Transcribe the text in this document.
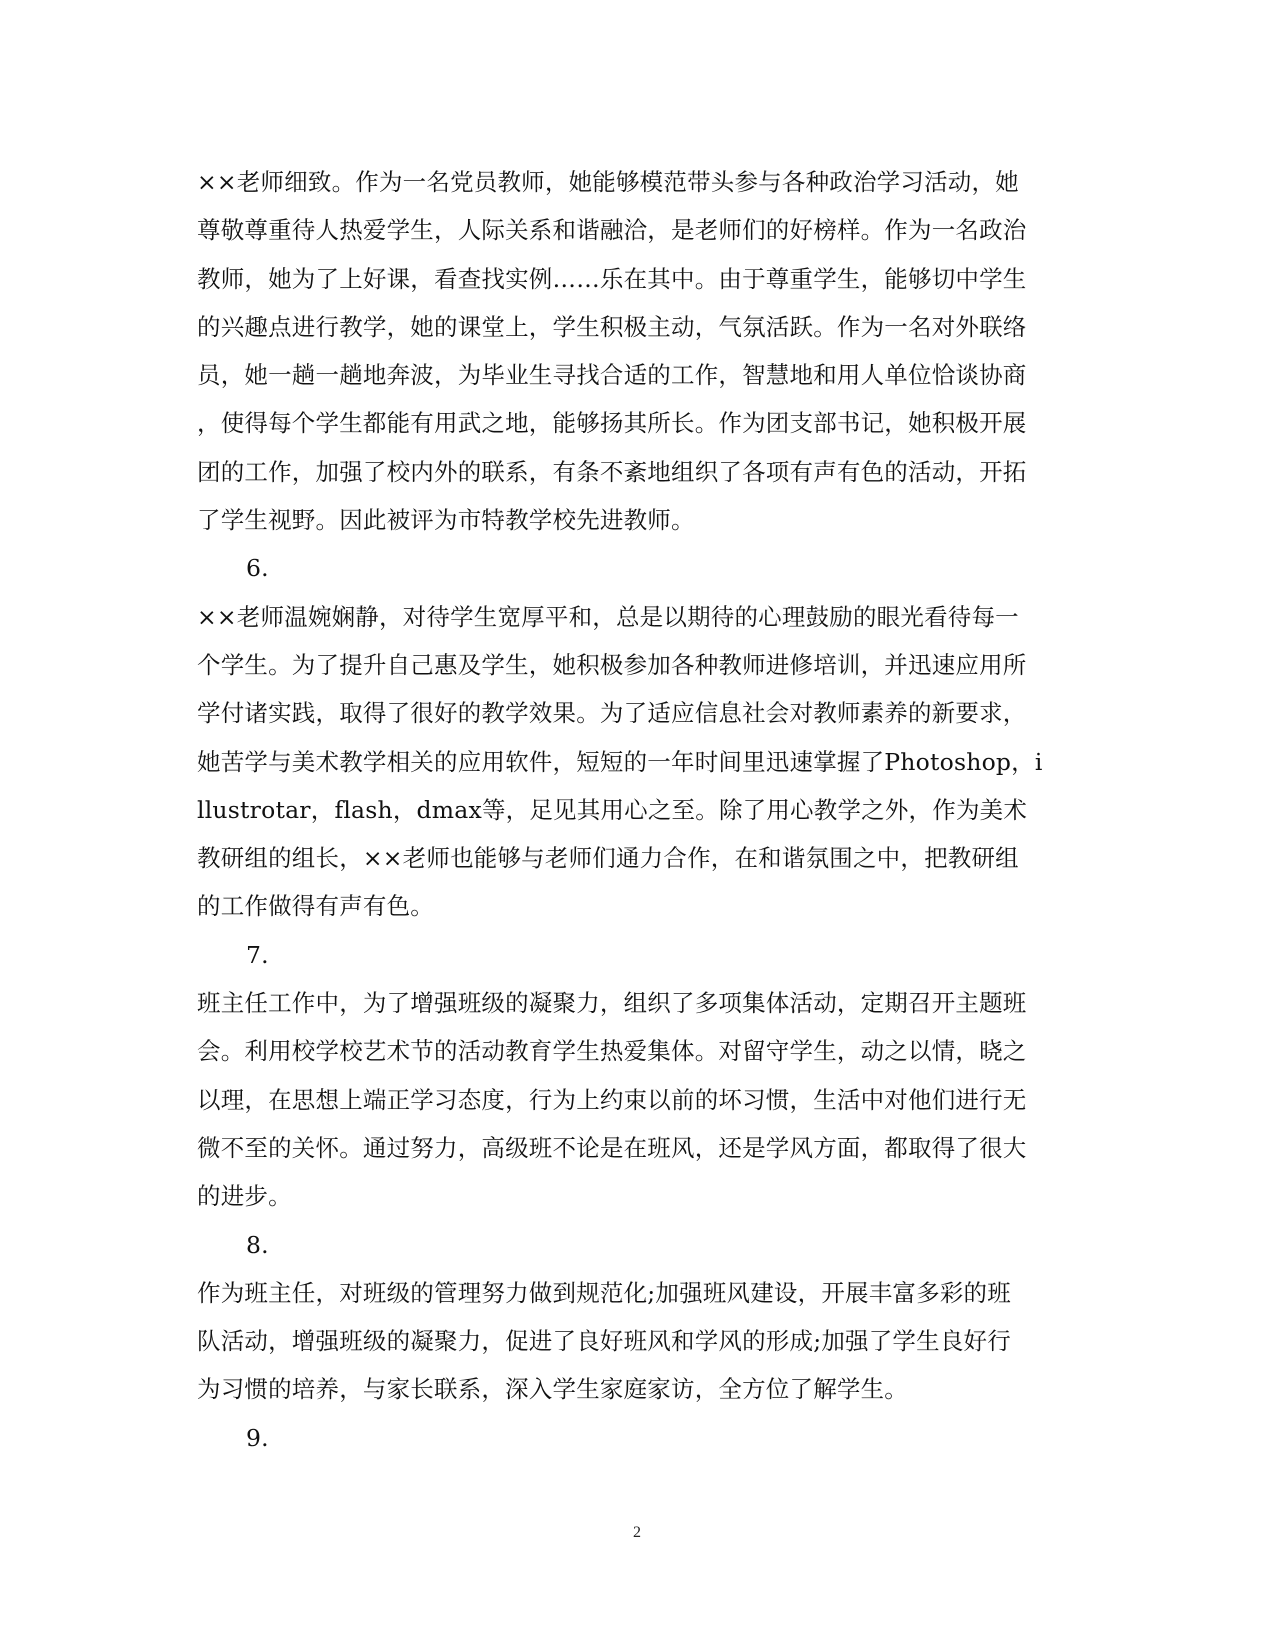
××老师细致。作为一名党员教师，她能够模范带头参与各种政治学习活动，她
尊敬尊重待人热爱学生，人际关系和谐融洽，是老师们的好榜样。作为一名政治
教师，她为了上好课，看查找实例……乐在其中。由于尊重学生，能够切中学生
的兴趣点进行教学，她的课堂上，学生积极主动，气氛活跃。作为一名对外联络
员，她一趟一趟地奔波，为毕业生寻找合适的工作，智慧地和用人单位恰谈协商
，使得每个学生都能有用武之地，能够扬其所长。作为团支部书记，她积极开展
团的工作，加强了校内外的联系，有条不紊地组织了各项有声有色的活动，开拓
了学生视野。因此被评为市特教学校先进教师。
6.
××老师温婉娴静，对待学生宽厚平和，总是以期待的心理鼓励的眼光看待每一
个学生。为了提升自己惠及学生，她积极参加各种教师进修培训，并迅速应用所
学付诸实践，取得了很好的教学效果。为了适应信息社会对教师素养的新要求，
她苦学与美术教学相关的应用软件，短短的一年时间里迅速掌握了Photoshop，i
llustrotar，flash，dmax等，足见其用心之至。除了用心教学之外，作为美术
教研组的组长，××老师也能够与老师们通力合作，在和谐氛围之中，把教研组
的工作做得有声有色。
7.
班主任工作中，为了增强班级的凝聚力，组织了多项集体活动，定期召开主题班
会。利用校学校艺术节的活动教育学生热爱集体。对留守学生，动之以情，晓之
以理，在思想上端正学习态度，行为上约束以前的坏习惯，生活中对他们进行无
微不至的关怀。通过努力，高级班不论是在班风，还是学风方面，都取得了很大
的进步。
8.
作为班主任，对班级的管理努力做到规范化;加强班风建设，开展丰富多彩的班
队活动，增强班级的凝聚力，促进了良好班风和学风的形成;加强了学生良好行
为习惯的培养，与家长联系，深入学生家庭家访，全方位了解学生。
9.
2
